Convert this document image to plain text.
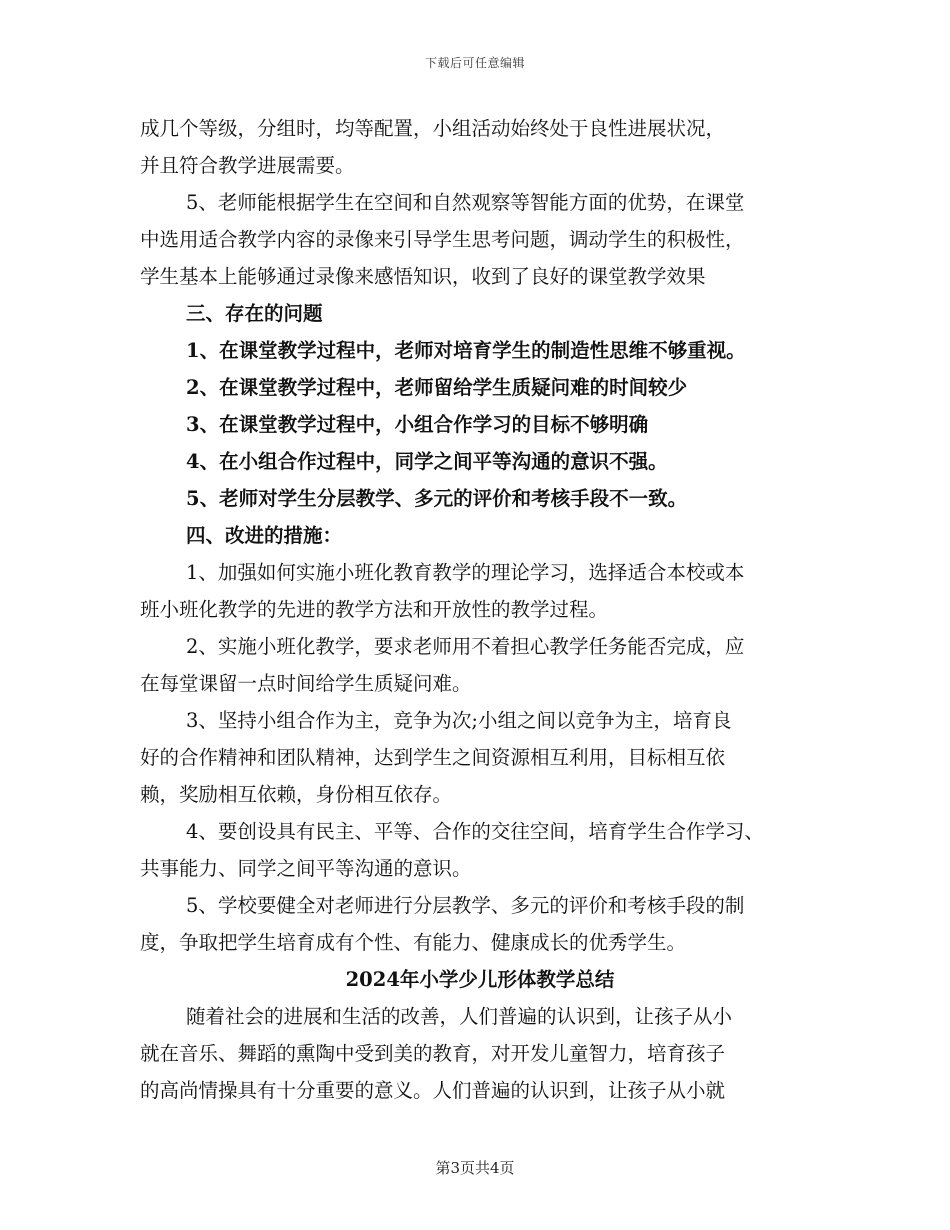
下载后可任意编辑
成几个等级，分组时，均等配置，小组活动始终处于良性进展状况，
并且符合教学进展需要。
5、老师能根据学生在空间和自然观察等智能方面的优势，在课堂
中选用适合教学内容的录像来引导学生思考问题，调动学生的积极性，
学生基本上能够通过录像来感悟知识，收到了良好的课堂教学效果
三、存在的问题
1、在课堂教学过程中，老师对培育学生的制造性思维不够重视。
2、在课堂教学过程中，老师留给学生质疑问难的时间较少
3、在课堂教学过程中，小组合作学习的目标不够明确
4、在小组合作过程中，同学之间平等沟通的意识不强。
5、老师对学生分层教学、多元的评价和考核手段不一致。
四、改进的措施：
1、加强如何实施小班化教育教学的理论学习，选择适合本校或本
班小班化教学的先进的教学方法和开放性的教学过程。
2、实施小班化教学，要求老师用不着担心教学任务能否完成，应
在每堂课留一点时间给学生质疑问难。
3、坚持小组合作为主，竞争为次;小组之间以竞争为主，培育良
好的合作精神和团队精神，达到学生之间资源相互利用，目标相互依
赖，奖励相互依赖，身份相互依存。
4、要创设具有民主、平等、合作的交往空间，培育学生合作学习、
共事能力、同学之间平等沟通的意识。
5、学校要健全对老师进行分层教学、多元的评价和考核手段的制
度，争取把学生培育成有个性、有能力、健康成长的优秀学生。
2024年小学少儿形体教学总结
随着社会的进展和生活的改善，人们普遍的认识到，让孩子从小
就在音乐、舞蹈的熏陶中受到美的教育，对开发儿童智力，培育孩子
的高尚情操具有十分重要的意义。人们普遍的认识到，让孩子从小就
第3页共4页
